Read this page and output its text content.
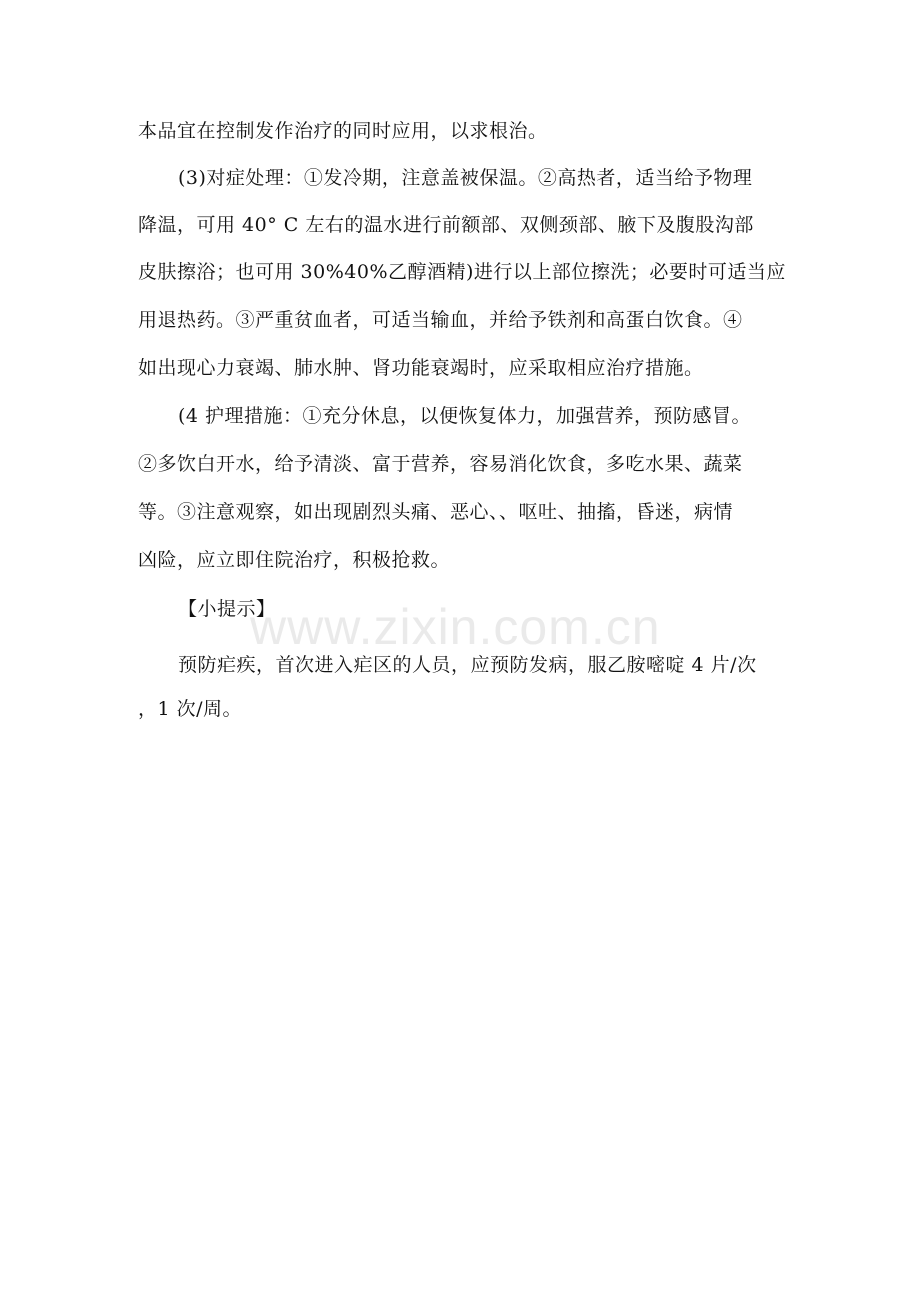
本品宜在控制发作治疗的同时应用，以求根治。
(3)对症处理：①发冷期，注意盖被保温。②高热者，适当给予物理
降温，可用 40° C 左右的温水进行前额部、双侧颈部、腋下及腹股沟部
皮肤擦浴；也可用 30%40%乙醇酒精)进行以上部位擦洗；必要时可适当应
用退热药。③严重贫血者，可适当输血，并给予铁剂和高蛋白饮食。④
如出现心力衰竭、肺水肿、肾功能衰竭时，应采取相应治疗措施。
(4 护理措施：①充分休息，以便恢复体力，加强营养，预防感冒。
②多饮白开水，给予清淡、富于营养，容易消化饮食，多吃水果、蔬菜
等。③注意观察，如出现剧烈头痛、恶心、、呕吐、抽搐，昏迷，病情
凶险，应立即住院治疗，积极抢救。
【小提示】
预防疟疾，首次进入疟区的人员，应预防发病，服乙胺嘧啶 4 片/次
，1 次/周。
www.zixin.com.cn
